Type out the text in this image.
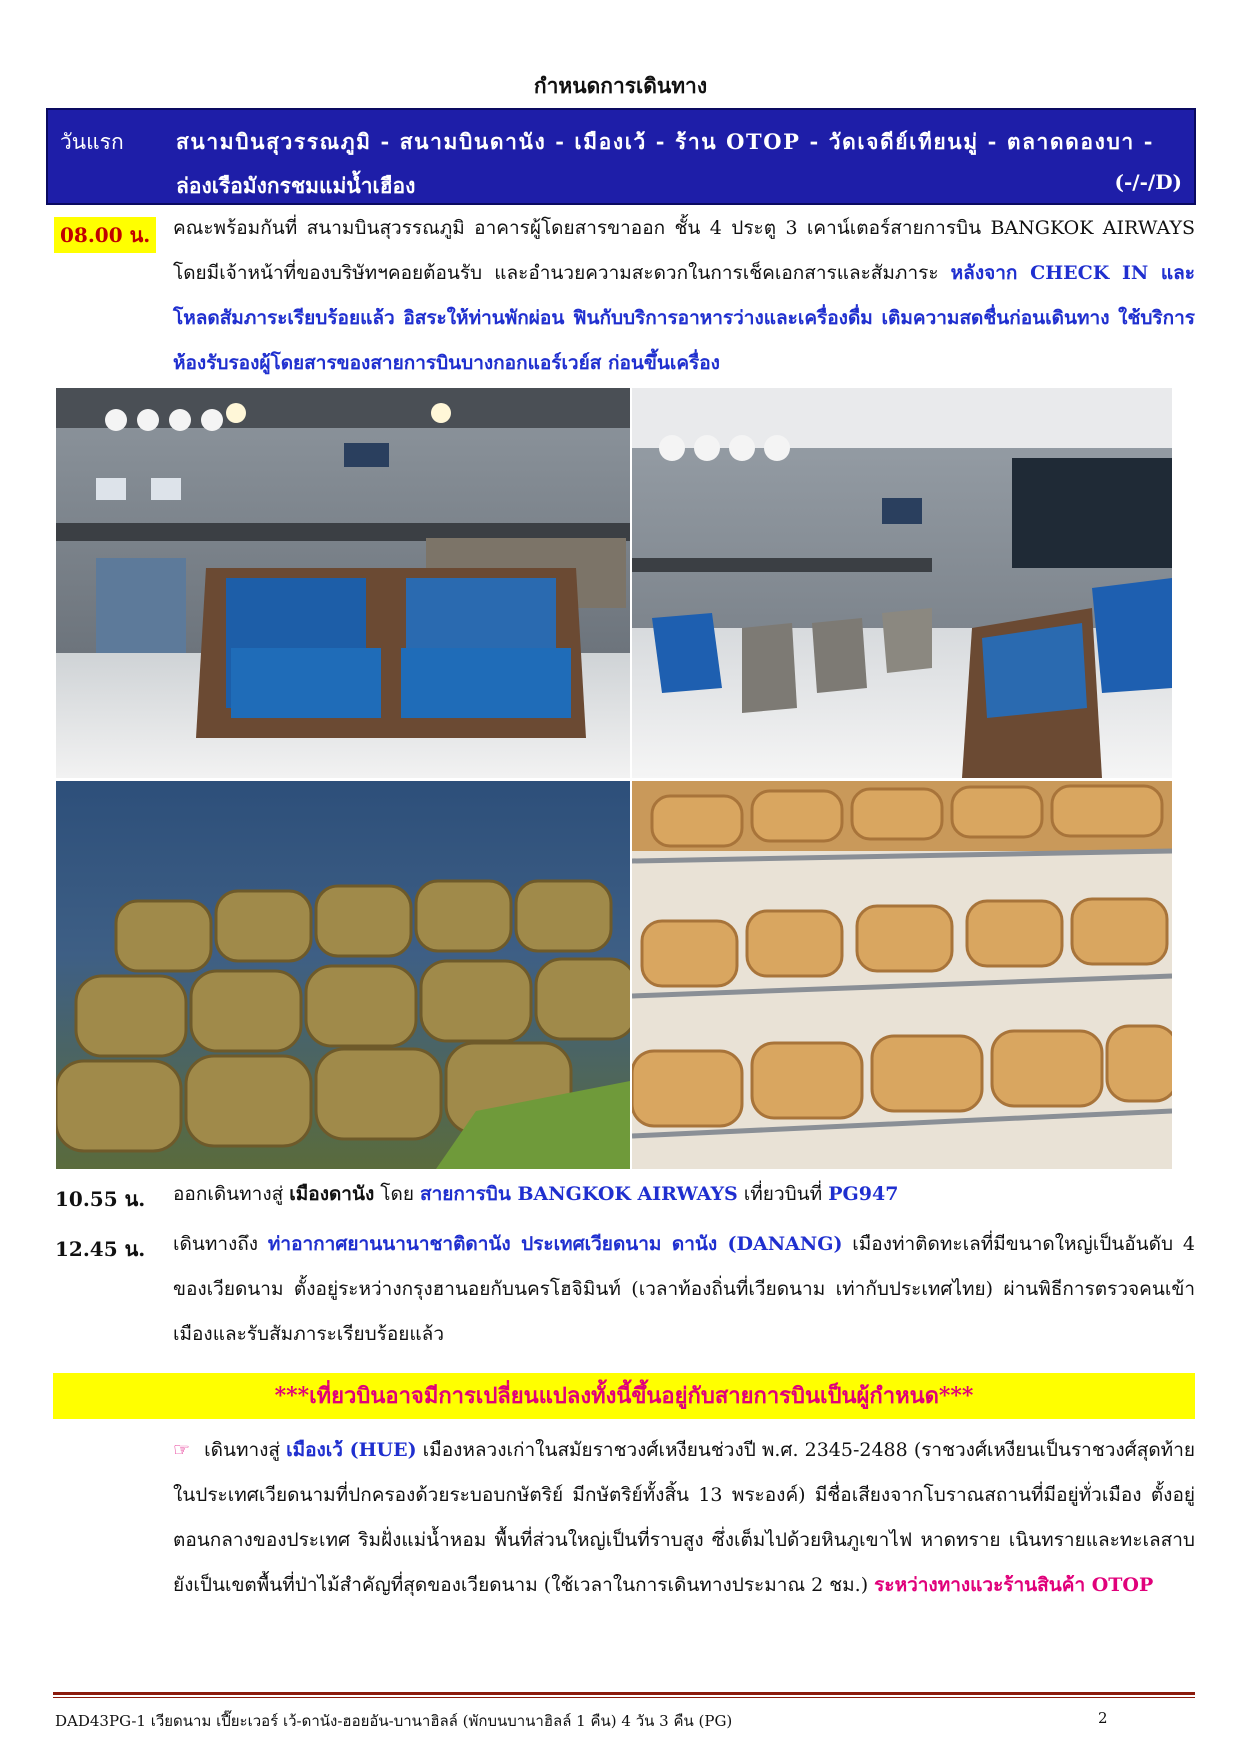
กำหนดการเดินทาง
วันแรก สนามบินสุวรรณภูมิ - สนามบินดานัง - เมืองเว้ - ร้าน OTOP - วัดเจดีย์เทียนมู่ - ตลาดดองบา -
ล่องเรือมังกรชมแม่น้ำเฮือง	(-/-/D)
08.00 น.	คณะพร้อมกันที่ สนามบินสุวรรณภูมิ อาคารผู้โดยสารขาออก ชั้น 4 ประตู 3 เคาน์เตอร์สายการบิน BANGKOK AIRWAYS โดยมีเจ้าหน้าที่ของบริษัทฯคอยต้อนรับ และอำนวยความสะดวกในการเช็คเอกสารและสัมภาระ หลังจาก CHECK IN และ โหลดสัมภาระเรียบร้อยแล้ว อิสระให้ท่านพักผ่อน ฟินกับบริการอาหารว่างและเครื่องดื่ม เติมความสดชื่นก่อนเดินทาง ใช้บริการห้องรับรองผู้โดยสารของสายการบินบางกอกแอร์เวย์ส ก่อนขึ้นเครื่อง
10.55 น. ออกเดินทางสู่ เมืองดานัง โดย สายการบิน BANGKOK AIRWAYS เที่ยวบินที่ PG947
12.45 น. เดินทางถึง ท่าอากาศยานนานาชาติดานัง ประเทศเวียดนาม ดานัง (DANANG) เมืองท่าติดทะเลที่มีขนาดใหญ่เป็นอันดับ 4 ของเวียดนาม ตั้งอยู่ระหว่างกรุงฮานอยกับนครโฮจิมินท์ (เวลาท้องถิ่นที่เวียดนาม เท่ากับประเทศไทย) ผ่านพิธีการตรวจคนเข้าเมืองและรับสัมภาระเรียบร้อยแล้ว
***เที่ยวบินอาจมีการเปลี่ยนแปลงทั้งนี้ขึ้นอยู่กับสายการบินเป็นผู้กำหนด***
☞ เดินทางสู่ เมืองเว้ (HUE) เมืองหลวงเก่าในสมัยราชวงศ์เหงียนช่วงปี พ.ศ. 2345-2488 (ราชวงศ์เหงียนเป็นราชวงศ์สุดท้ายในประเทศเวียดนามที่ปกครองด้วยระบอบกษัตริย์ มีกษัตริย์ทั้งสิ้น 13 พระองค์) มีชื่อเสียงจากโบราณสถานที่มีอยู่ทั่วเมือง ตั้งอยู่ตอนกลางของประเทศ ริมฝั่งแม่น้ำหอม พื้นที่ส่วนใหญ่เป็นที่ราบสูง ซึ่งเต็มไปด้วยหินภูเขาไฟ หาดทราย เนินทรายและทะเลสาบ ยังเป็นเขตพื้นที่ป่าไม้สำคัญที่สุดของเวียดนาม (ใช้เวลาในการเดินทางประมาณ 2 ชม.) ระหว่างทางแวะร้านสินค้า OTOP
DAD43PG-1 เวียดนาม เปี๊ยะเวอร์ เว้-ดานัง-ฮอยอัน-บานาฮิลล์ (พักบนบานาฮิลล์ 1 คืน) 4 วัน 3 คืน (PG)	2
